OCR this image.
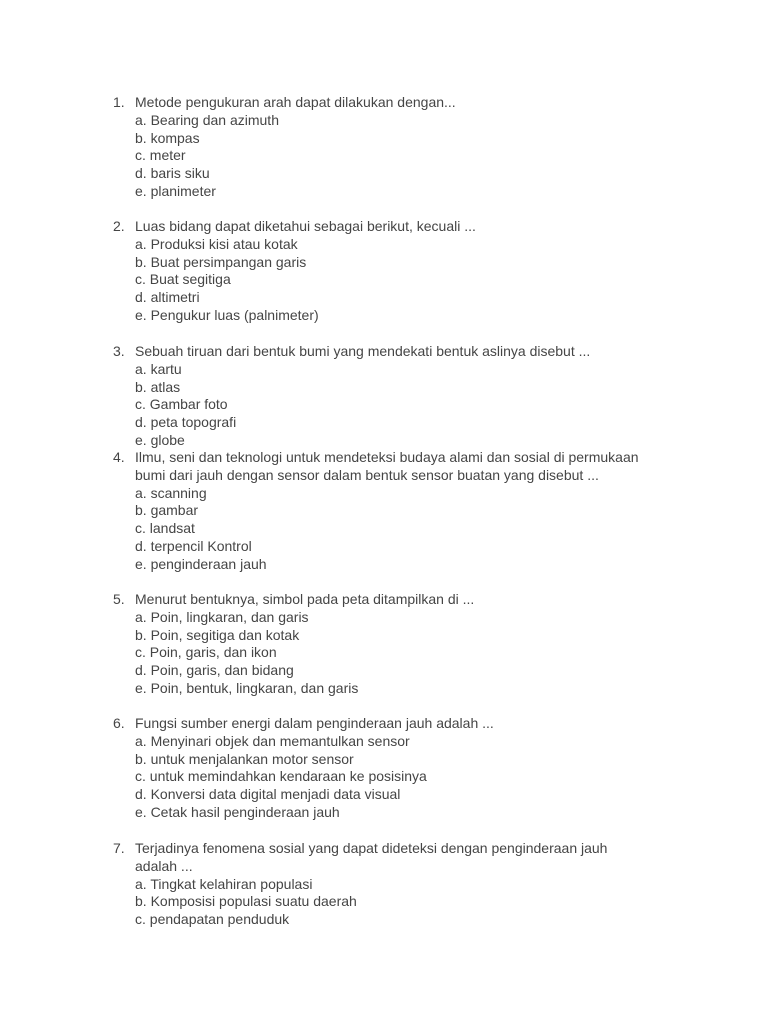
1. Metode pengukuran arah dapat dilakukan dengan...
a. Bearing dan azimuth
b. kompas
c. meter
d. baris siku
e. planimeter
2. Luas bidang dapat diketahui sebagai berikut, kecuali ...
a. Produksi kisi atau kotak
b. Buat persimpangan garis
c. Buat segitiga
d. altimetri
e. Pengukur luas (palnimeter)
3. Sebuah tiruan dari bentuk bumi yang mendekati bentuk aslinya disebut ...
a. kartu
b. atlas
c. Gambar foto
d. peta topografi
e. globe
4. Ilmu, seni dan teknologi untuk mendeteksi budaya alami dan sosial di permukaan bumi dari jauh dengan sensor dalam bentuk sensor buatan yang disebut ...
a. scanning
b. gambar
c. landsat
d. terpencil Kontrol
e. penginderaan jauh
5. Menurut bentuknya, simbol pada peta ditampilkan di ...
a. Poin, lingkaran, dan garis
b. Poin, segitiga dan kotak
c. Poin, garis, dan ikon
d. Poin, garis, dan bidang
e. Poin, bentuk, lingkaran, dan garis
6. Fungsi sumber energi dalam penginderaan jauh adalah ...
a. Menyinari objek dan memantulkan sensor
b. untuk menjalankan motor sensor
c. untuk memindahkan kendaraan ke posisinya
d. Konversi data digital menjadi data visual
e. Cetak hasil penginderaan jauh
7. Terjadinya fenomena sosial yang dapat dideteksi dengan penginderaan jauh adalah ...
a. Tingkat kelahiran populasi
b. Komposisi populasi suatu daerah
c. pendapatan penduduk
